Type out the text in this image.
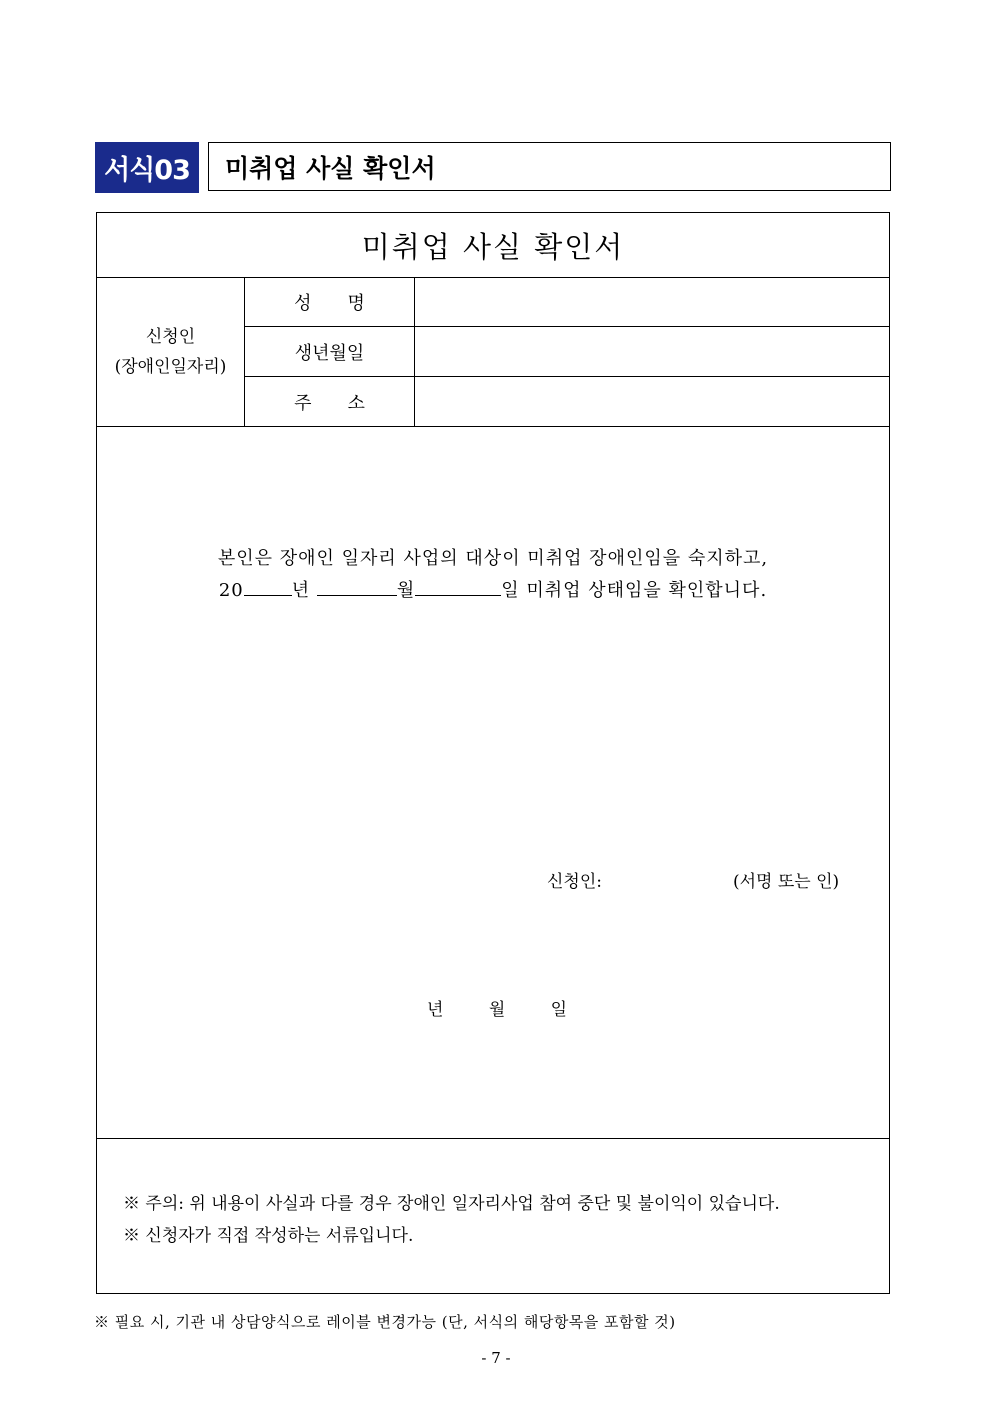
서식03	미취업 사실 확인서
미취업 사실 확인서
신청인
(장애인일자리)
성　　명
생년월일
주　　소
본인은 장애인 일자리 사업의 대상이 미취업 장애인임을 숙지하고,
20	년	월	일 미취업 상태임을 확인합니다.
신청인:	(서명 또는 인)
년 월 일

※ 주의: 위 내용이 사실과 다를 경우 장애인 일자리사업 참여 중단 및 불이익이 있습니다.

※ 신청자가 직접 작성하는 서류입니다.

※ 필요 시, 기관 내 상담양식으로 레이블 변경가능 (단, 서식의 해당항목을 포함할 것)
- 7 -
